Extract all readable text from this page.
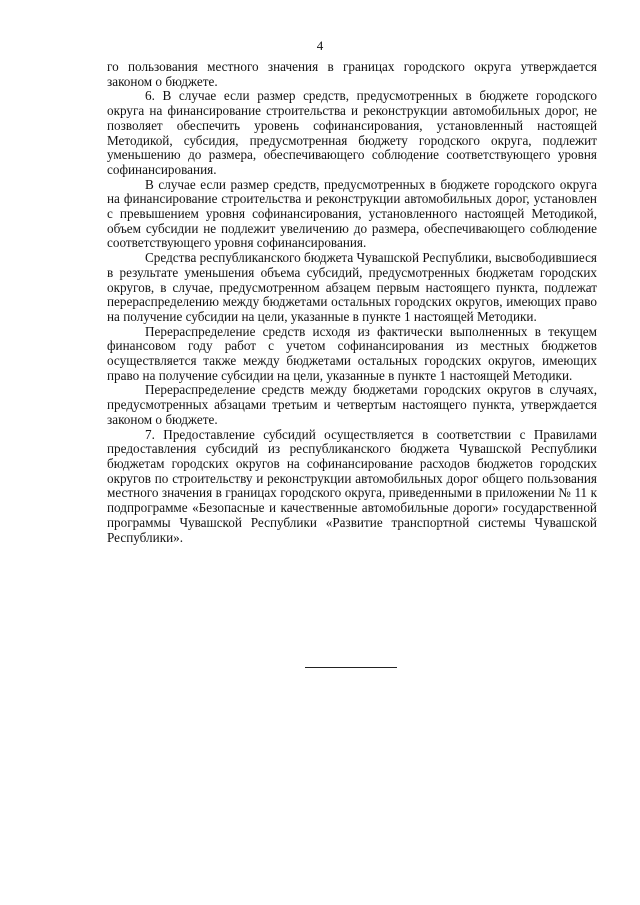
4

го пользования местного значения в границах городского округа утверждается законом о бюджете.

6. В случае если размер средств, предусмотренных в бюджете городского округа на финансирование строительства и реконструкции автомобильных дорог, не позволяет обеспечить уровень софинансирования, установленный настоящей Методикой, субсидия, предусмотренная бюджету городского округа, подлежит уменьшению до размера, обеспечивающего соблюдение соответствующего уровня софинансирования.

В случае если размер средств, предусмотренных в бюджете городского округа на финансирование строительства и реконструкции автомобильных дорог, установлен с превышением уровня софинансирования, установленного настоящей Методикой, объем субсидии не подлежит увеличению до размера, обеспечивающего соблюдение соответствующего уровня софинансирования.

Средства республиканского бюджета Чувашской Республики, высвободившиеся в результате уменьшения объема субсидий, предусмотренных бюджетам городских округов, в случае, предусмотренном абзацем первым настоящего пункта, подлежат перераспределению между бюджетами остальных городских округов, имеющих право на получение субсидии на цели, указанные в пункте 1 настоящей Методики.

Перераспределение средств исходя из фактически выполненных в текущем финансовом году работ с учетом софинансирования из местных бюджетов осуществляется также между бюджетами остальных городских округов, имеющих право на получение субсидии на цели, указанные в пункте 1 настоящей Методики.

Перераспределение средств между бюджетами городских округов в случаях, предусмотренных абзацами третьим и четвертым настоящего пункта, утверждается законом о бюджете.

7. Предоставление субсидий осуществляется в соответствии с Правилами предоставления субсидий из республиканского бюджета Чувашской Республики бюджетам городских округов на софинансирование расходов бюджетов городских округов по строительству и реконструкции автомобильных дорог общего пользования местного значения в границах городского округа, приведенными в приложении № 11 к подпрограмме «Безопасные и качественные автомобильные дороги» государственной программы Чувашской Республики «Развитие транспортной системы Чувашской Республики».
